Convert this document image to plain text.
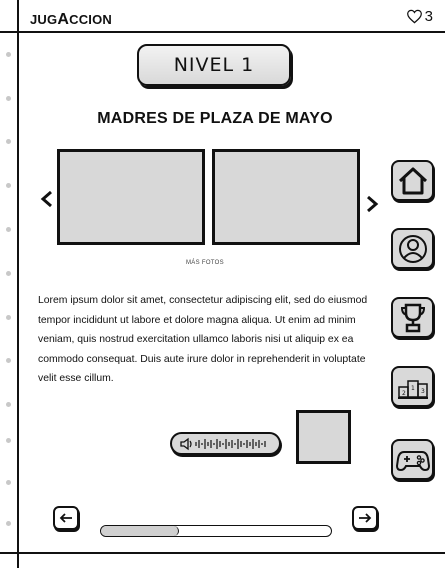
JUGACCION	3
NIVEL 1
MADRES DE PLAZA DE MAYO
MÁS FOTOS
Lorem ipsum dolor sit amet, consectetur adipiscing elit, sed do eiusmod tempor incididunt ut labore et dolore magna aliqua. Ut enim ad minim veniam, quis nostrud exercitation ullamco laboris nisi ut aliquip ex ea commodo consequat. Duis aute irure dolor in reprehenderit in voluptate velit esse cillum.
2
1 3
